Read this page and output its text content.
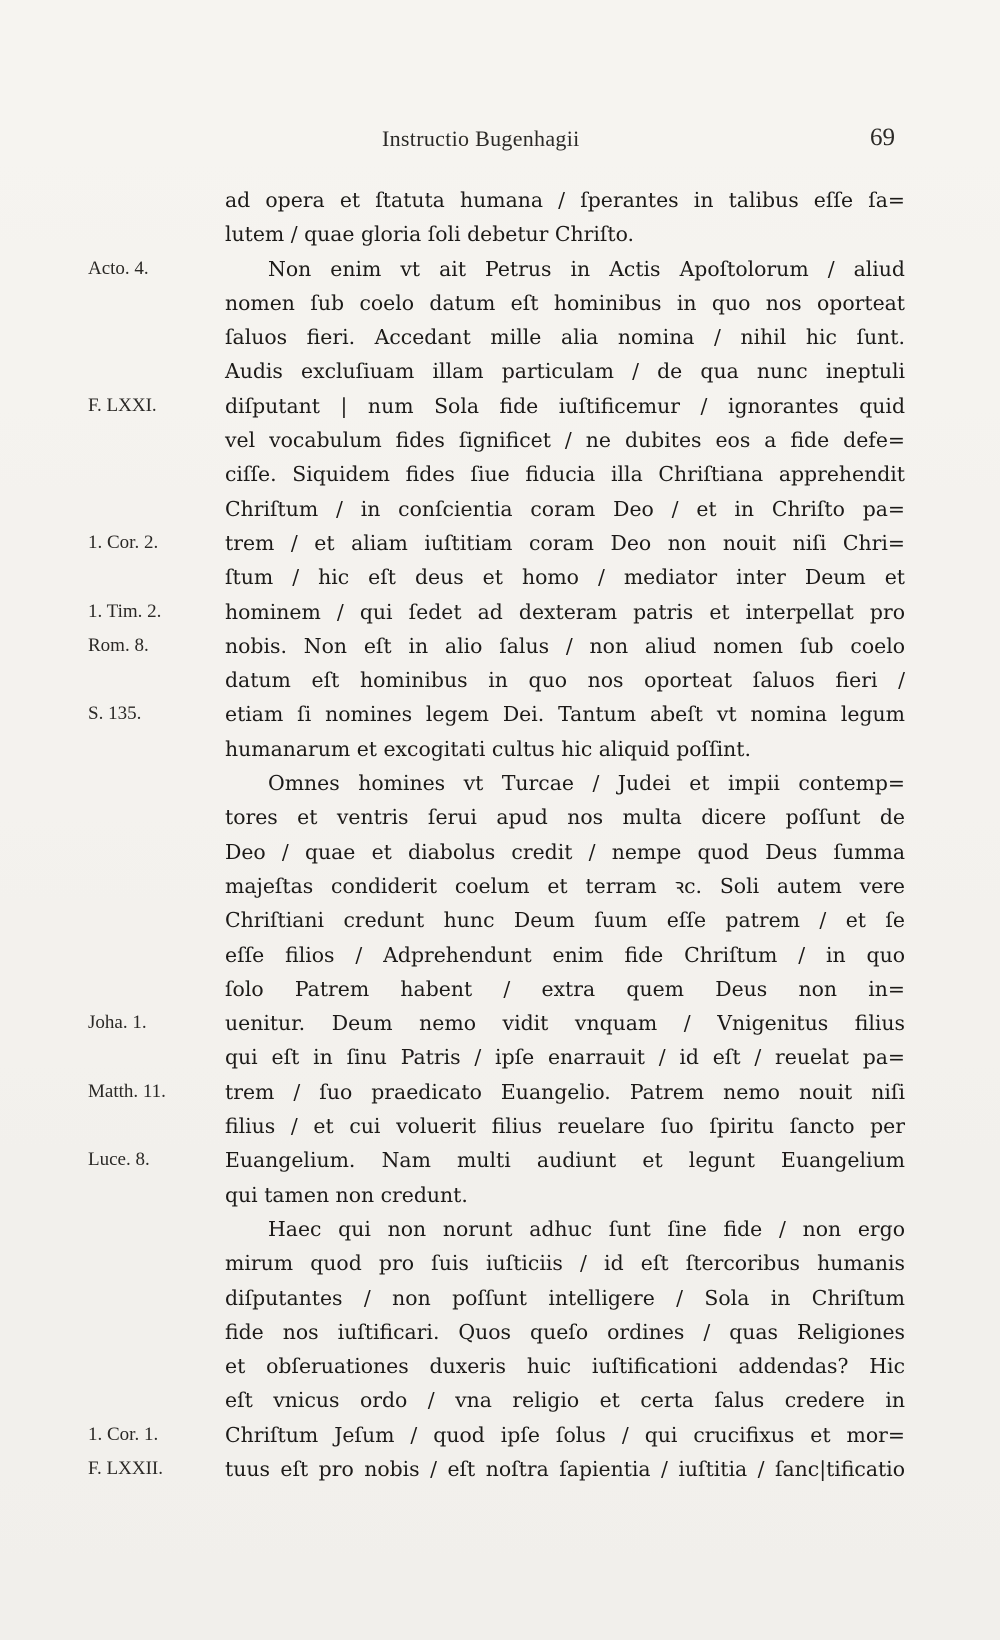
Instructio Bugenhagii	69
ad opera et ſtatuta humana / ſperantes in talibus eſſe ſa=
lutem / quae gloria ſoli debetur Chriſto.
Acto. 4.	Non enim vt ait Petrus in Actis Apoſtolorum / aliud
nomen ſub coelo datum eſt hominibus in quo nos oporteat
ſaluos fieri. Accedant mille alia nomina / nihil hic ſunt.
Audis excluſiuam illam particulam / de qua nunc ineptuli
F. LXXI.	diſputant | num Sola fide iuſtificemur / ignorantes quid
vel vocabulum fides ſignificet / ne dubites eos a fide defe=
ciſſe. Siquidem fides ſiue fiducia illa Chriſtiana apprehendit
Chriſtum / in conſcientia coram Deo / et in Chriſto pa=
1. Cor. 2.	trem / et aliam iuſtitiam coram Deo non nouit niſi Chri=
ſtum / hic eſt deus et homo / mediator inter Deum et
1. Tim. 2.	hominem / qui ſedet ad dexteram patris et interpellat pro
Rom. 8.	nobis. Non eſt in alio ſalus / non aliud nomen ſub coelo
datum eſt hominibus in quo nos oporteat ſaluos fieri /
S. 135.	etiam ſi nomines legem Dei. Tantum abeſt vt nomina legum
humanarum et excogitati cultus hic aliquid poſſint.
Omnes homines vt Turcae / Judei et impii contemp=
tores et ventris ſerui apud nos multa dicere poſſunt de
Deo / quae et diabolus credit / nempe quod Deus ſumma
majeſtas condiderit coelum et terram ꝛc. Soli autem vere
Chriſtiani credunt hunc Deum ſuum eſſe patrem / et ſe
eſſe filios / Adprehendunt enim fide Chriſtum / in quo
ſolo Patrem habent / extra quem Deus non in=
Joha. 1.	uenitur. Deum nemo vidit vnquam / Vnigenitus filius
qui eſt in ſinu Patris / ipſe enarrauit / id eſt / reuelat pa=
Matth. 11.	trem / ſuo praedicato Euangelio. Patrem nemo nouit niſi
filius / et cui voluerit filius reuelare ſuo ſpiritu ſancto per
Luce. 8.	Euangelium. Nam multi audiunt et legunt Euangelium
qui tamen non credunt.
Haec qui non norunt adhuc ſunt ſine fide / non ergo
mirum quod pro ſuis iuſticiis / id eſt ſtercoribus humanis
diſputantes / non poſſunt intelligere / Sola in Chriſtum
fide nos iuſtificari. Quos queſo ordines / quas Religiones
et obſeruationes duxeris huic iuſtificationi addendas? Hic
eſt vnicus ordo / vna religio et certa ſalus credere in
1. Cor. 1.	Chriſtum Jeſum / quod ipſe ſolus / qui crucifixus et mor=
F. LXXII.	tuus eſt pro nobis / eſt noſtra ſapientia / iuſtitia / ſanc|tificatio
